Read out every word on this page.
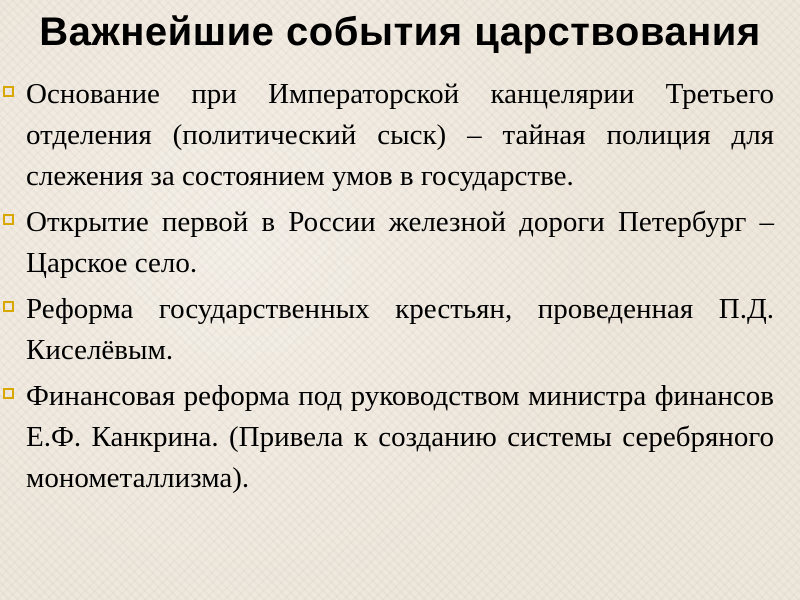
Важнейшие события царствования
Основание при Императорской канцелярии Третьего отделения (политический сыск) – тайная полиция для слежения за состоянием умов в государстве.
Открытие первой в России железной дороги Петербург – Царское село.
Реформа государственных крестьян, проведенная П.Д. Киселёвым.
Финансовая реформа под руководством министра финансов Е.Ф. Канкрина. (Привела к созданию системы серебряного монометаллизма).
